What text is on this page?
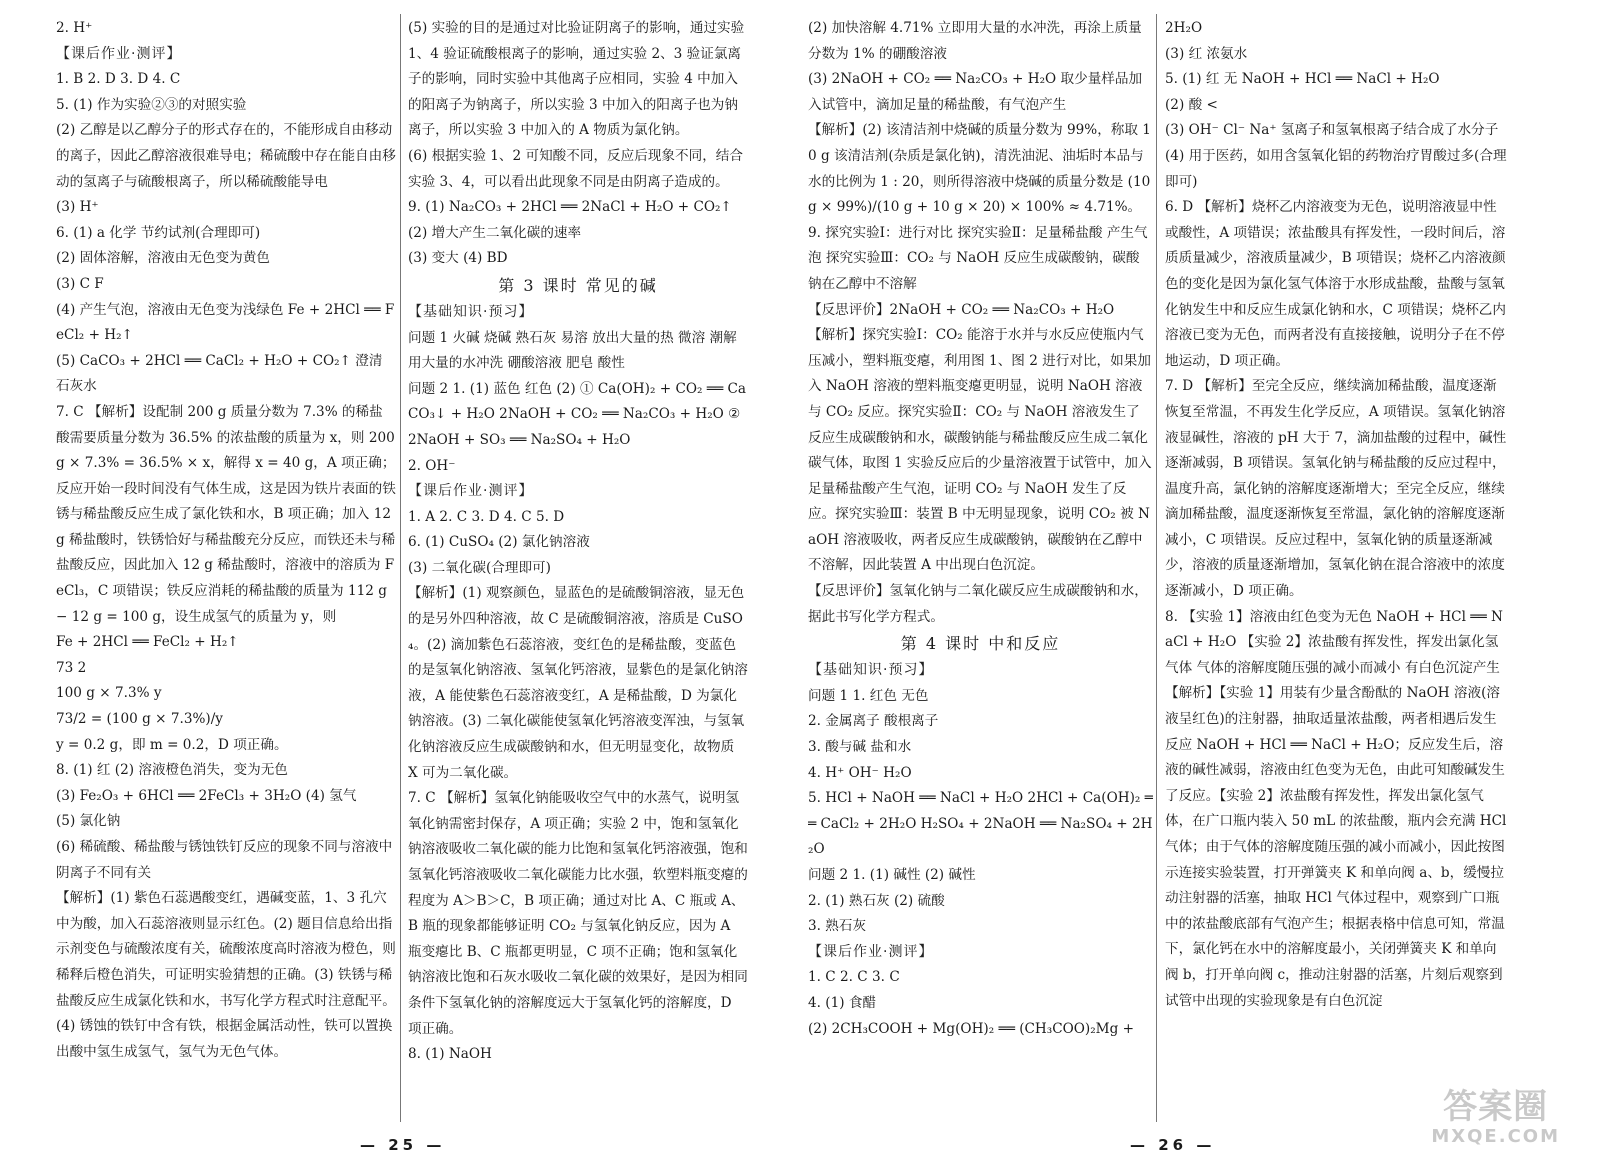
2. H⁺

【课后作业·测评】

1. B 2. D 3. D 4. C

5. (1) 作为实验②③的对照实验

(2) 乙醇是以乙醇分子的形式存在的，不能形成自由移动的离子，因此乙醇溶液很难导电；稀硫酸中存在能自由移动的氢离子与硫酸根离子，所以稀硫酸能导电

(3) H⁺

6. (1) a 化学 节约试剂(合理即可)

(2) 固体溶解，溶液由无色变为黄色

(3) C F

(4) 产生气泡，溶液由无色变为浅绿色 Fe + 2HCl ══ FeCl₂ + H₂↑

(5) CaCO₃ + 2HCl ══ CaCl₂ + H₂O + CO₂↑ 澄清石灰水

7. C 【解析】设配制 200 g 质量分数为 7.3% 的稀盐酸需要质量分数为 36.5% 的浓盐酸的质量为 x，则 200 g × 7.3% = 36.5% × x，解得 x = 40 g，A 项正确；反应开始一段时间没有气体生成，这是因为铁片表面的铁锈与稀盐酸反应生成了氯化铁和水，B 项正确；加入 12 g 稀盐酸时，铁锈恰好与稀盐酸充分反应，而铁还未与稀盐酸反应，因此加入 12 g 稀盐酸时，溶液中的溶质为 FeCl₃，C 项错误；铁反应消耗的稀盐酸的质量为 112 g − 12 g = 100 g，设生成氢气的质量为 y，则

Fe + 2HCl ══ FeCl₂ + H₂↑

73 2

100 g × 7.3% y

73/2 = (100 g × 7.3%)/y

y = 0.2 g，即 m = 0.2，D 项正确。

8. (1) 红 (2) 溶液橙色消失，变为无色

(3) Fe₂O₃ + 6HCl ══ 2FeCl₃ + 3H₂O (4) 氢气

(5) 氯化钠

(6) 稀硫酸、稀盐酸与锈蚀铁钉反应的现象不同与溶液中阴离子不同有关

【解析】(1) 紫色石蕊遇酸变红，遇碱变蓝，1、3 孔穴中为酸，加入石蕊溶液则显示红色。(2) 题目信息给出指示剂变色与硫酸浓度有关，硫酸浓度高时溶液为橙色，则稀释后橙色消失，可证明实验猜想的正确。(3) 铁锈与稀盐酸反应生成氯化铁和水，书写化学方程式时注意配平。(4) 锈蚀的铁钉中含有铁，根据金属活动性，铁可以置换出酸中氢生成氢气，氢气为无色气体。

(5) 实验的目的是通过对比验证阴离子的影响，通过实验 1、4 验证硫酸根离子的影响，通过实验 2、3 验证氯离子的影响，同时实验中其他离子应相同，实验 4 中加入的阳离子为钠离子，所以实验 3 中加入的阳离子也为钠离子，所以实验 3 中加入的 A 物质为氯化钠。

(6) 根据实验 1、2 可知酸不同，反应后现象不同，结合实验 3、4，可以看出此现象不同是由阴离子造成的。

9. (1) Na₂CO₃ + 2HCl ══ 2NaCl + H₂O + CO₂↑

(2) 增大产生二氧化碳的速率

(3) 变大 (4) BD

第 3 课时 常见的碱

【基础知识·预习】

问题 1 火碱 烧碱 熟石灰 易溶 放出大量的热 微溶 潮解 用大量的水冲洗 硼酸溶液 肥皂 酸性

问题 2 1. (1) 蓝色 红色 (2) ① Ca(OH)₂ + CO₂ ══ CaCO₃↓ + H₂O 2NaOH + CO₂ ══ Na₂CO₃ + H₂O ② 2NaOH + SO₃ ══ Na₂SO₄ + H₂O

2. OH⁻

【课后作业·测评】

1. A 2. C 3. D 4. C 5. D

6. (1) CuSO₄ (2) 氯化钠溶液

(3) 二氧化碳(合理即可)

【解析】(1) 观察颜色，显蓝色的是硫酸铜溶液，显无色的是另外四种溶液，故 C 是硫酸铜溶液，溶质是 CuSO₄。(2) 滴加紫色石蕊溶液，变红色的是稀盐酸，变蓝色的是氢氧化钠溶液、氢氧化钙溶液，显紫色的是氯化钠溶液，A 能使紫色石蕊溶液变红，A 是稀盐酸，D 为氯化钠溶液。(3) 二氧化碳能使氢氧化钙溶液变浑浊，与氢氧化钠溶液反应生成碳酸钠和水，但无明显变化，故物质 X 可为二氧化碳。

7. C 【解析】氢氧化钠能吸收空气中的水蒸气，说明氢氧化钠需密封保存，A 项正确；实验 2 中，饱和氢氧化钠溶液吸收二氧化碳的能力比饱和氢氧化钙溶液强，饱和氢氧化钙溶液吸收二氧化碳能力比水强，软塑料瓶变瘪的程度为 A＞B＞C，B 项正确；通过对比 A、C 瓶或 A、B 瓶的现象都能够证明 CO₂ 与氢氧化钠反应，因为 A 瓶变瘪比 B、C 瓶都更明显，C 项不正确；饱和氢氧化钠溶液比饱和石灰水吸收二氧化碳的效果好，是因为相同条件下氢氧化钠的溶解度远大于氢氧化钙的溶解度，D 项正确。

8. (1) NaOH

— 25 —

(2) 加快溶解 4.71% 立即用大量的水冲洗，再涂上质量分数为 1% 的硼酸溶液

(3) 2NaOH + CO₂ ══ Na₂CO₃ + H₂O 取少量样品加入试管中，滴加足量的稀盐酸，有气泡产生

【解析】(2) 该清洁剂中烧碱的质量分数为 99%，称取 10 g 该清洁剂(杂质是氯化钠)，清洗油泥、油垢时本品与水的比例为 1 : 20，则所得溶液中烧碱的质量分数是 (10 g × 99%)/(10 g + 10 g × 20) × 100% ≈ 4.71%。

9. 探究实验Ⅰ：进行对比 探究实验Ⅱ：足量稀盐酸 产生气泡 探究实验Ⅲ：CO₂ 与 NaOH 反应生成碳酸钠，碳酸钠在乙醇中不溶解

【反思评价】2NaOH + CO₂ ══ Na₂CO₃ + H₂O

【解析】探究实验Ⅰ：CO₂ 能溶于水并与水反应使瓶内气压减小，塑料瓶变瘪，利用图 1、图 2 进行对比，如果加入 NaOH 溶液的塑料瓶变瘪更明显，说明 NaOH 溶液与 CO₂ 反应。探究实验Ⅱ：CO₂ 与 NaOH 溶液发生了反应生成碳酸钠和水，碳酸钠能与稀盐酸反应生成二氧化碳气体，取图 1 实验反应后的少量溶液置于试管中，加入足量稀盐酸产生气泡，证明 CO₂ 与 NaOH 发生了反应。探究实验Ⅲ：装置 B 中无明显现象，说明 CO₂ 被 NaOH 溶液吸收，两者反应生成碳酸钠，碳酸钠在乙醇中不溶解，因此装置 A 中出现白色沉淀。

【反思评价】氢氧化钠与二氧化碳反应生成碳酸钠和水，据此书写化学方程式。

第 4 课时 中和反应

【基础知识·预习】

问题 1 1. 红色 无色

2. 金属离子 酸根离子

3. 酸与碱 盐和水

4. H⁺ OH⁻ H₂O

5. HCl + NaOH ══ NaCl + H₂O 2HCl + Ca(OH)₂ ══ CaCl₂ + 2H₂O H₂SO₄ + 2NaOH ══ Na₂SO₄ + 2H₂O

问题 2 1. (1) 碱性 (2) 碱性

2. (1) 熟石灰 (2) 硫酸

3. 熟石灰

【课后作业·测评】

1. C 2. C 3. C

4. (1) 食醋

(2) 2CH₃COOH + Mg(OH)₂ ══ (CH₃COO)₂Mg +

2H₂O

(3) 红 浓氨水

5. (1) 红 无 NaOH + HCl ══ NaCl + H₂O

(2) 酸 <

(3) OH⁻ Cl⁻ Na⁺ 氢离子和氢氧根离子结合成了水分子

(4) 用于医药，如用含氢氧化铝的药物治疗胃酸过多(合理即可)

6. D 【解析】烧杯乙内溶液变为无色，说明溶液显中性或酸性，A 项错误；浓盐酸具有挥发性，一段时间后，溶质质量减少，溶液质量减少，B 项错误；烧杯乙内溶液颜色的变化是因为氯化氢气体溶于水形成盐酸，盐酸与氢氧化钠发生中和反应生成氯化钠和水，C 项错误；烧杯乙内溶液已变为无色，而两者没有直接接触，说明分子在不停地运动，D 项正确。

7. D 【解析】至完全反应，继续滴加稀盐酸，温度逐渐恢复至常温，不再发生化学反应，A 项错误。氢氧化钠溶液显碱性，溶液的 pH 大于 7，滴加盐酸的过程中，碱性逐渐减弱，B 项错误。氢氧化钠与稀盐酸的反应过程中，温度升高，氯化钠的溶解度逐渐增大；至完全反应，继续滴加稀盐酸，温度逐渐恢复至常温，氯化钠的溶解度逐渐减小，C 项错误。反应过程中，氢氧化钠的质量逐渐减少，溶液的质量逐渐增加，氢氧化钠在混合溶液中的浓度逐渐减小，D 项正确。

8. 【实验 1】溶液由红色变为无色 NaOH + HCl ══ NaCl + H₂O 【实验 2】浓盐酸有挥发性，挥发出氯化氢气体 气体的溶解度随压强的减小而减小 有白色沉淀产生

【解析】【实验 1】用装有少量含酚酞的 NaOH 溶液(溶液呈红色)的注射器，抽取适量浓盐酸，两者相遇后发生反应 NaOH + HCl ══ NaCl + H₂O；反应发生后，溶液的碱性减弱，溶液由红色变为无色，由此可知酸碱发生了反应。【实验 2】浓盐酸有挥发性，挥发出氯化氢气体，在广口瓶内装入 50 mL 的浓盐酸，瓶内会充满 HCl 气体；由于气体的溶解度随压强的减小而减小，因此按图示连接实验装置，打开弹簧夹 K 和单向阀 a、b，缓慢拉动注射器的活塞，抽取 HCl 气体过程中，观察到广口瓶中的浓盐酸底部有气泡产生；根据表格中信息可知，常温下，氯化钙在水中的溶解度最小，关闭弹簧夹 K 和单向阀 b，打开单向阀 c，推动注射器的活塞，片刻后观察到试管中出现的实验现象是有白色沉淀

— 26 —
答案圈
MXQE.COM
